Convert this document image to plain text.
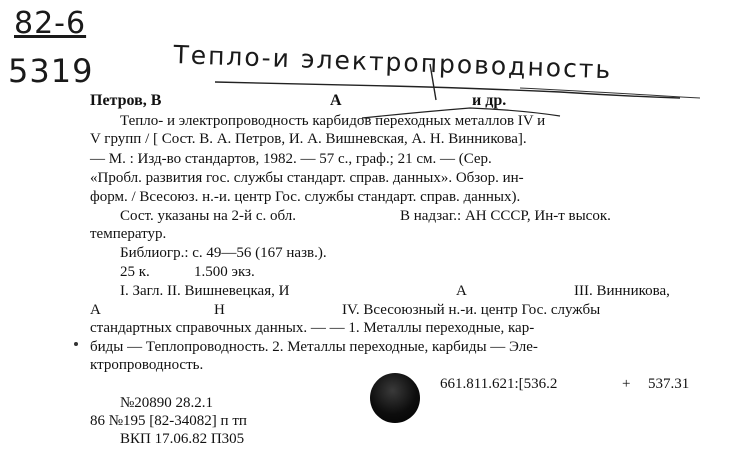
82-6
5319	Тепло-и электропроводность
Петров, В	А	и др.
Тепло- и электропроводность карбидов переходных металлов IV и
V групп / [ Сост. В. А. Петров, И. А. Вишневская, А. Н. Винникова].
— М. : Изд-во стандартов, 1982. — 57 с., граф.; 21 см. — (Сер.
«Пробл. развития гос. службы стандарт. справ. данных». Обзор. ин-
форм. / Всесоюз. н.-и. центр Гос. службы стандарт. справ. данных).
Сост. указаны на 2-й с. обл.	В надзаг.: АН СССР, Ин-т высок.
температур.
Библиогр.: с. 49—56 (167 назв.).
25 к.	1.500 экз.
I. Загл. II. Вишневецкая, И	А	III. Винникова,
А	Н	IV. Всесоюзный н.-и. центр Гос. службы
стандартных справочных данных. — — 1. Металлы переходные, кар-
биды — Теплопроводность. 2. Металлы переходные, карбиды — Элe-
ктропроводность.
661.811.621:[536.2	+ 537.31
№20890 28.2.1
86 №195 [82-34082] п тп
ВКП 17.06.82 П305
